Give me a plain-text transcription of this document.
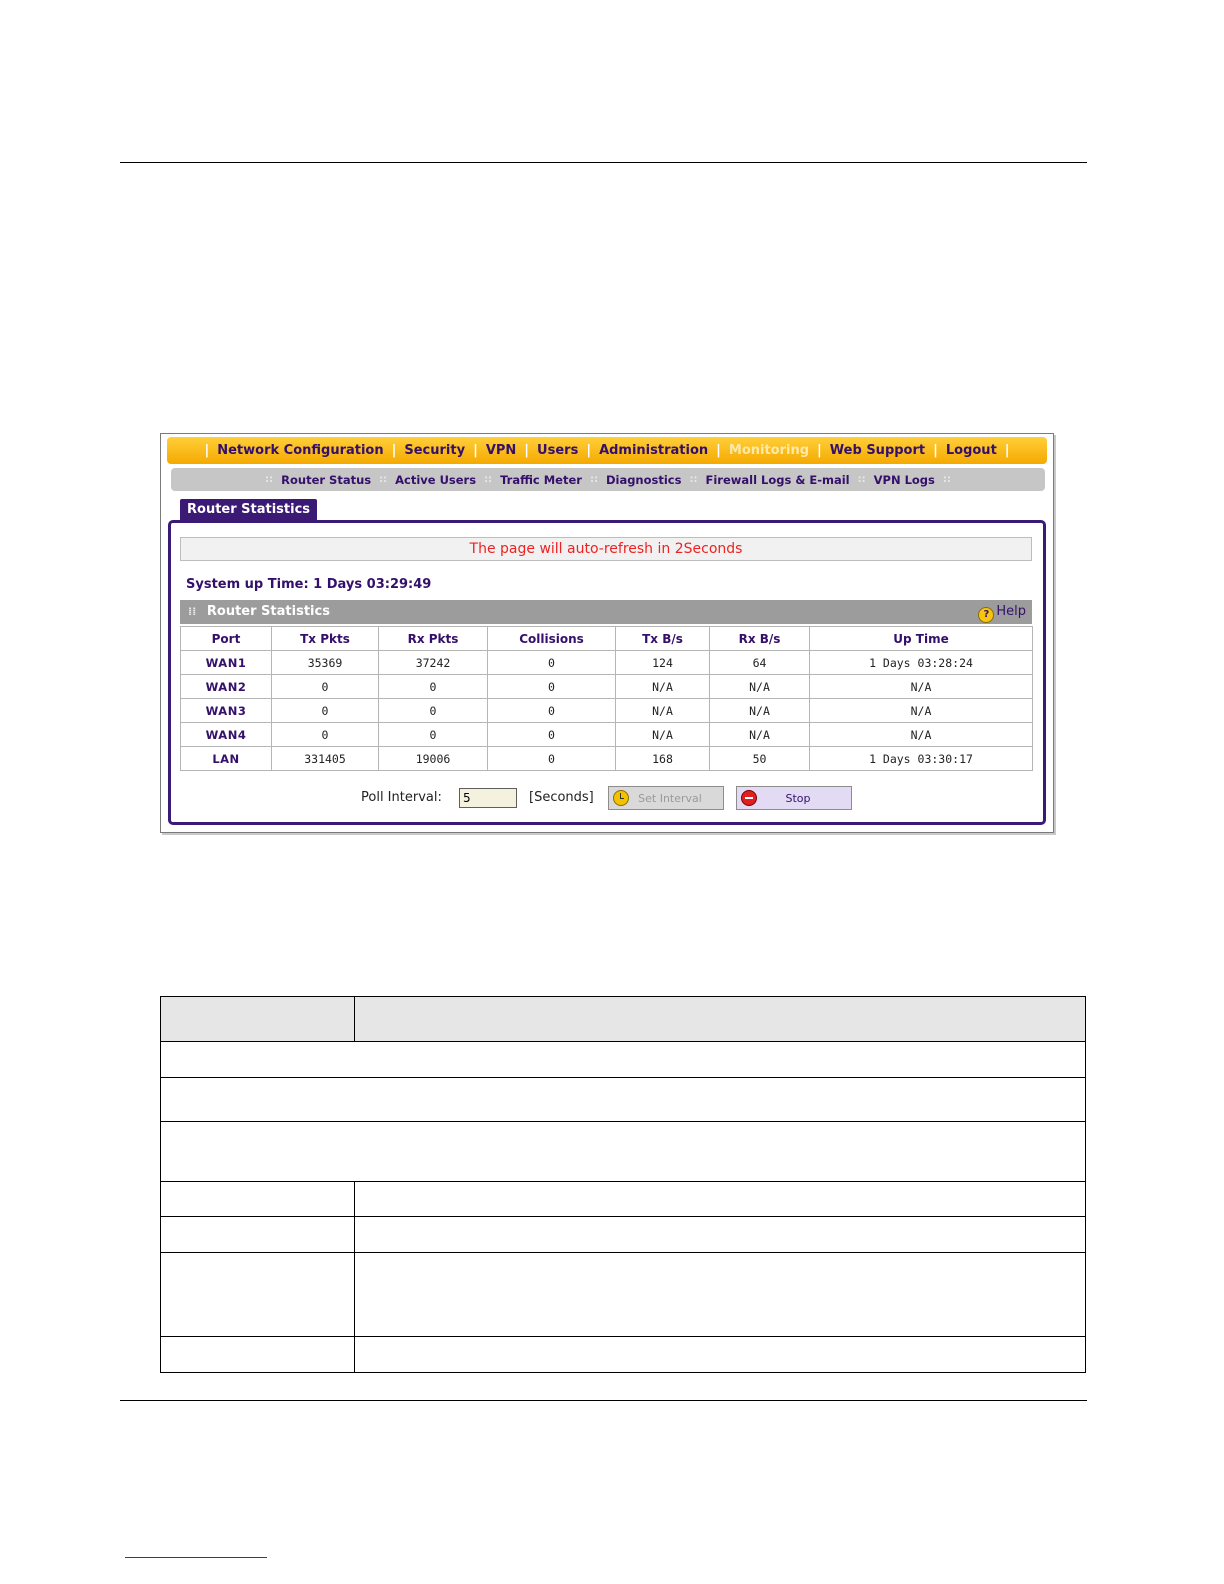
| Network Configuration | Security | VPN | Users | Administration | Monitoring | Web Support | Logout |
:: Router Status :: Active Users :: Traffic Meter :: Diagnostics :: Firewall Logs & E-mail :: VPN Logs ::
Router Statistics
The page will auto-refresh in 2Seconds
System up Time: 1 Days 03:29:49
⁞⁞ Router Statistics	? Help
Port	Tx Pkts	Rx Pkts	Collisions	Tx B/s	Rx B/s	Up Time
WAN1	35369	37242	0	124	64	1 Days 03:28:24
WAN2	0	0	0	N/A	N/A	N/A
WAN3	0	0	0	N/A	N/A	N/A
WAN4	0	0	0	N/A	N/A	N/A
LAN	331405	19006	0	168	50	1 Days 03:30:17
Poll Interval:
5	[Seconds]	Set Interval	Stop
